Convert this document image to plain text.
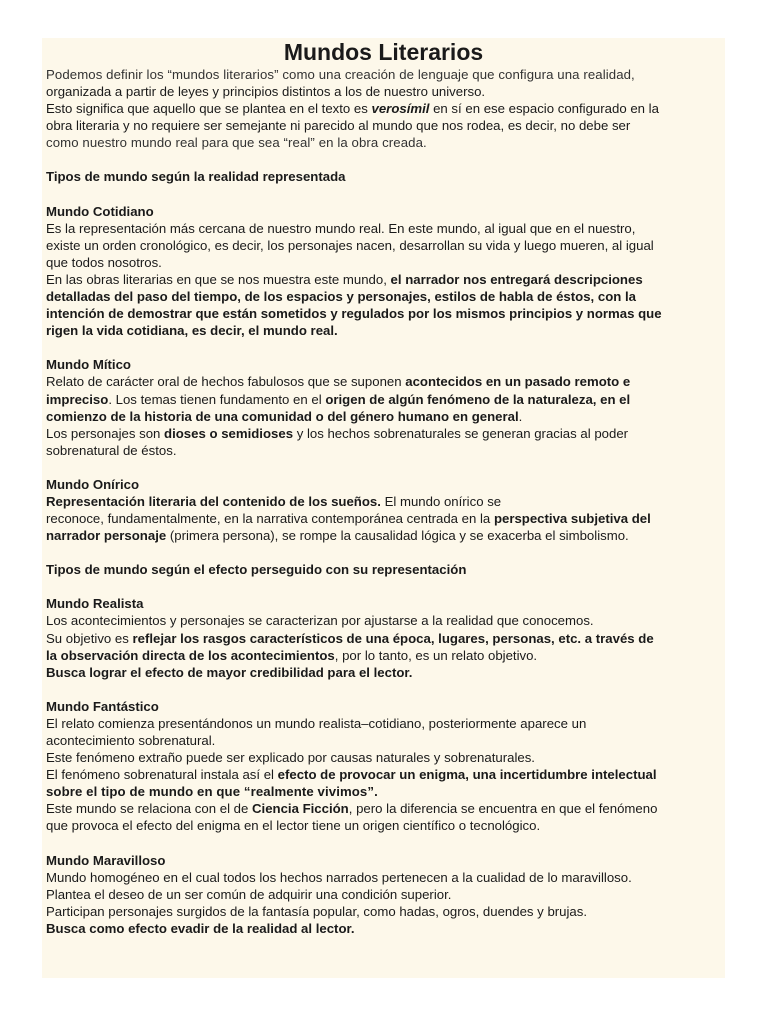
Mundos Literarios

Podemos definir los “mundos literarios” como una creación de lenguaje que configura una realidad,

organizada a partir de leyes y principios distintos a los de nuestro universo.

Esto significa que aquello que se plantea en el texto es verosímil en sí en ese espacio configurado en la

obra literaria y no requiere ser semejante ni parecido al mundo que nos rodea, es decir, no debe ser

como nuestro mundo real para que sea “real” en la obra creada.

Tipos de mundo según la realidad representada

Mundo Cotidiano

Es la representación más cercana de nuestro mundo real. En este mundo, al igual que en el nuestro,

existe un orden cronológico, es decir, los personajes nacen, desarrollan su vida y luego mueren, al igual

que todos nosotros.

En las obras literarias en que se nos muestra este mundo, el narrador nos entregará descripciones

detalladas del paso del tiempo, de los espacios y personajes, estilos de habla de éstos, con la

intención de demostrar que están sometidos y regulados por los mismos principios y normas que

rigen la vida cotidiana, es decir, el mundo real.

Mundo Mítico

Relato de carácter oral de hechos fabulosos que se suponen acontecidos en un pasado remoto e

impreciso. Los temas tienen fundamento en el origen de algún fenómeno de la naturaleza, en el

comienzo de la historia de una comunidad o del género humano en general.

Los personajes son dioses o semidioses y los hechos sobrenaturales se generan gracias al poder

sobrenatural de éstos.

Mundo Onírico

Representación literaria del contenido de los sueños. El mundo onírico se

reconoce, fundamentalmente, en la narrativa contemporánea centrada en la perspectiva subjetiva del

narrador personaje (primera persona), se rompe la causalidad lógica y se exacerba el simbolismo.

Tipos de mundo según el efecto perseguido con su representación

Mundo Realista

Los acontecimientos y personajes se caracterizan por ajustarse a la realidad que conocemos.

Su objetivo es reflejar los rasgos característicos de una época, lugares, personas, etc. a través de

la observación directa de los acontecimientos, por lo tanto, es un relato objetivo.

Busca lograr el efecto de mayor credibilidad para el lector.

Mundo Fantástico

El relato comienza presentándonos un mundo realista–cotidiano, posteriormente aparece un

acontecimiento sobrenatural.

Este fenómeno extraño puede ser explicado por causas naturales y sobrenaturales.

El fenómeno sobrenatural instala así el efecto de provocar un enigma, una incertidumbre intelectual

sobre el tipo de mundo en que “realmente vivimos”.

Este mundo se relaciona con el de Ciencia Ficción, pero la diferencia se encuentra en que el fenómeno

que provoca el efecto del enigma en el lector tiene un origen científico o tecnológico.

Mundo Maravilloso

Mundo homogéneo en el cual todos los hechos narrados pertenecen a la cualidad de lo maravilloso.

Plantea el deseo de un ser común de adquirir una condición superior.

Participan personajes surgidos de la fantasía popular, como hadas, ogros, duendes y brujas.

Busca como efecto evadir de la realidad al lector.
